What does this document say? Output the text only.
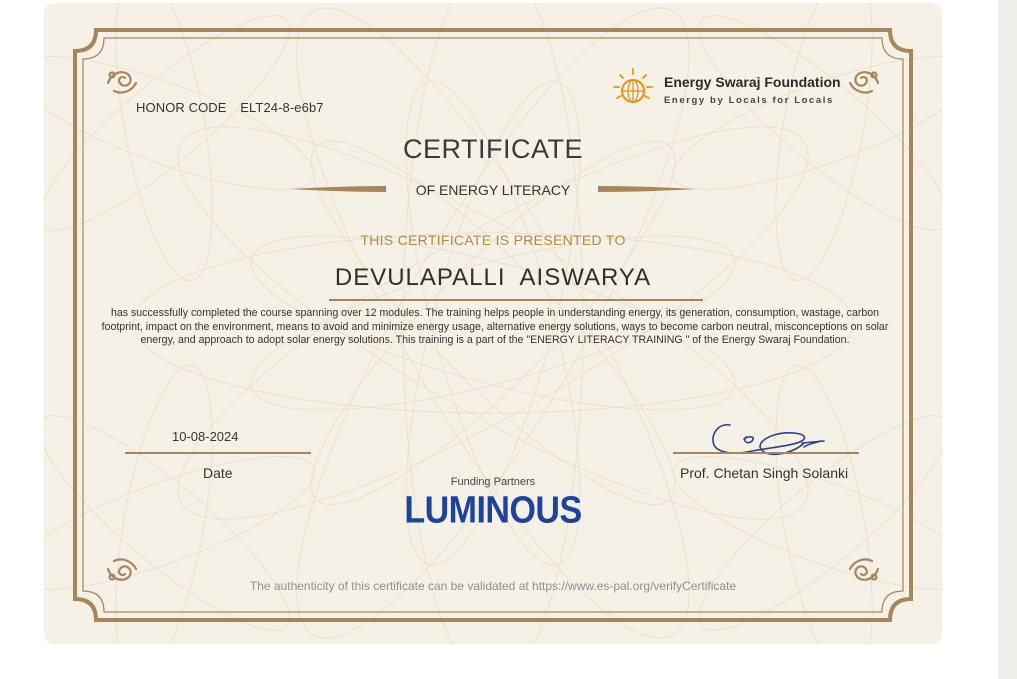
HONOR CODE ELT24-8-e6b7
Energy Swaraj Foundation
Energy by Locals for Locals
CERTIFICATE
OF ENERGY LITERACY
THIS CERTIFICATE IS PRESENTED TO
DEVULAPALLI  AISWARYA
has successfully completed the course spanning over 12 modules. The training helps people in understanding energy, its generation, consumption, wastage, carbon footprint, impact on the environment, means to avoid and minimize energy usage, alternative energy solutions, ways to become carbon neutral, misconceptions on solar energy, and approach to adopt solar energy solutions. This training is a part of the "ENERGY LITERACY TRAINING " of the Energy Swaraj Foundation.
10-08-2024
Date	Prof. Chetan Singh Solanki
Funding Partners
LUMINOUS
The authenticity of this certificate can be validated at https://www.es-pal.org/verifyCertificate
